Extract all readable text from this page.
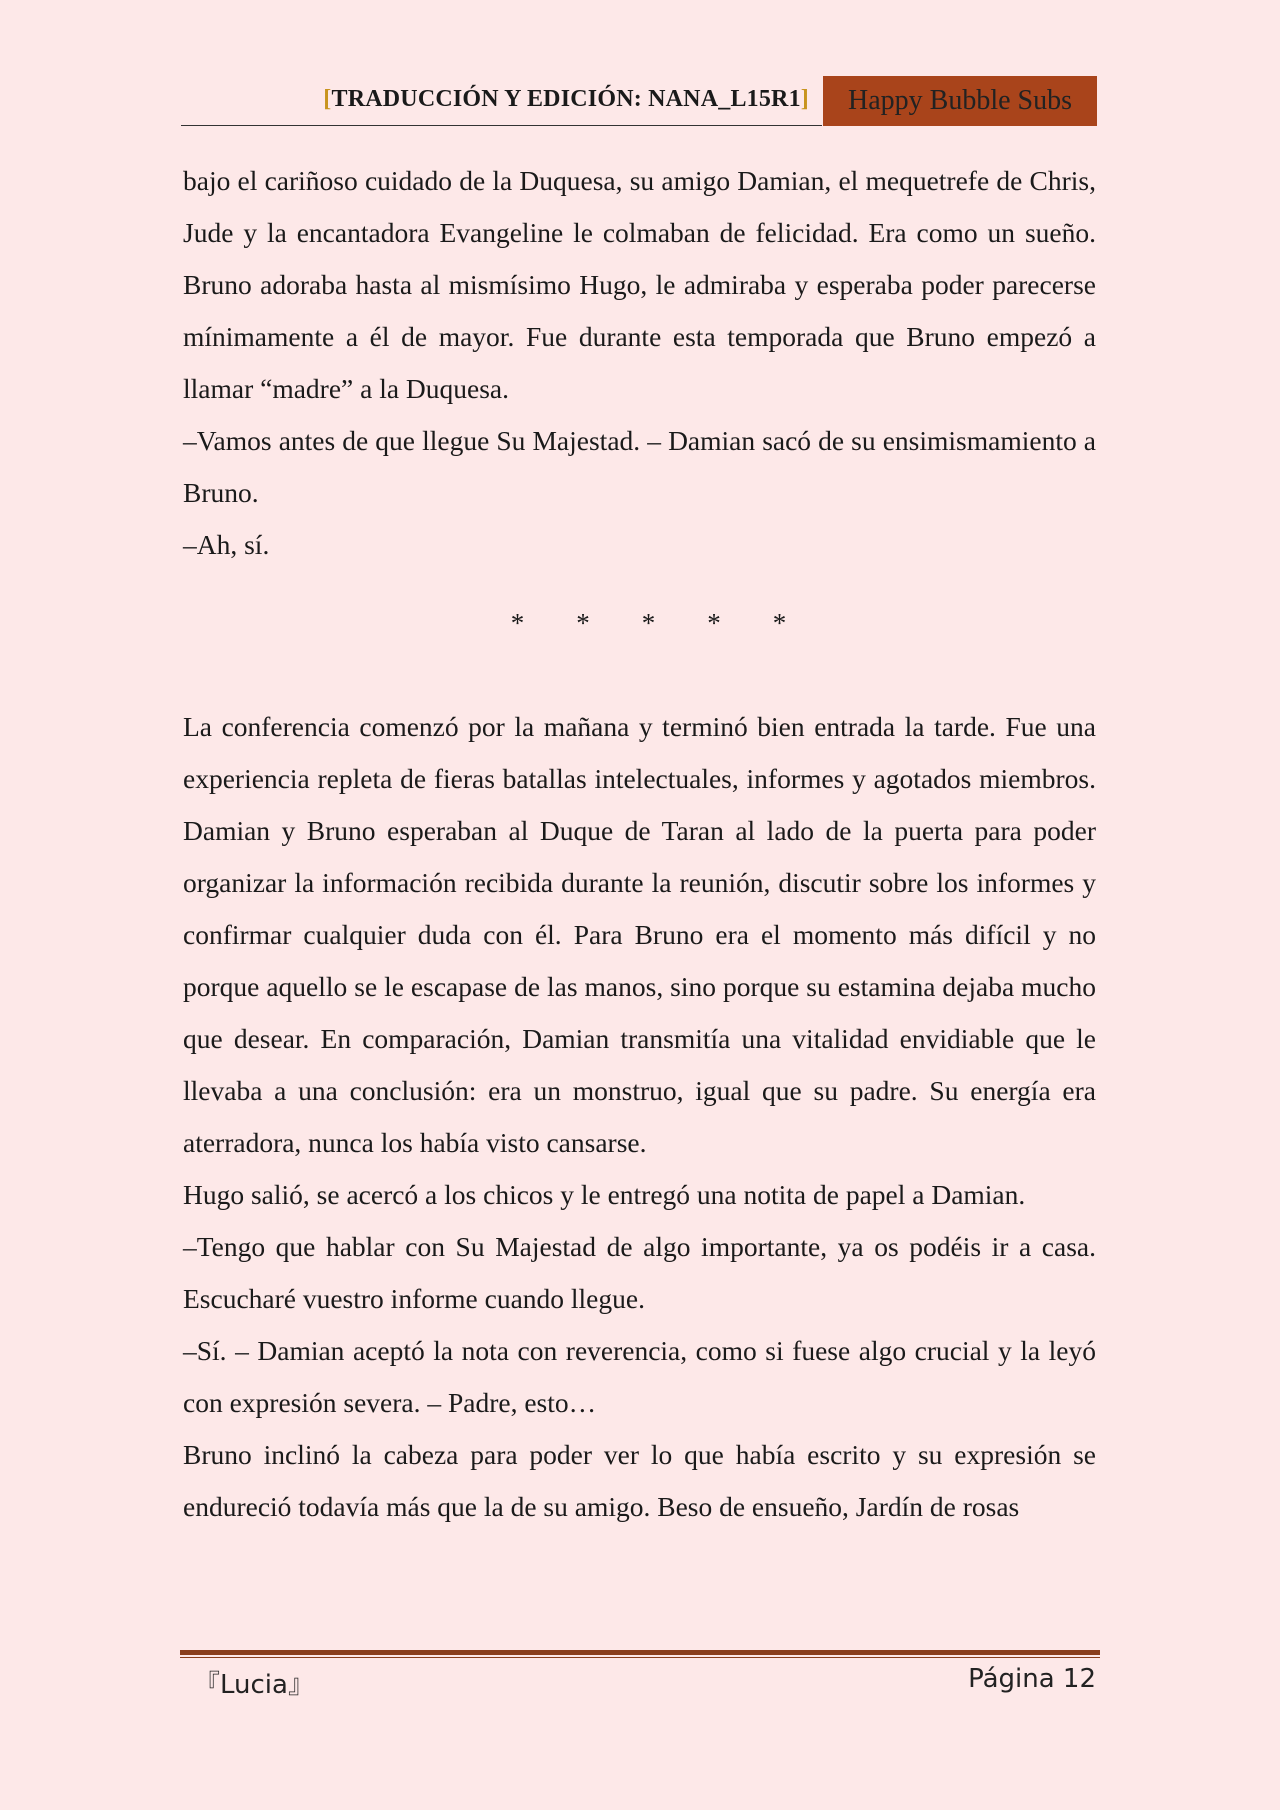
[TRADUCCIÓN Y EDICIÓN: NANA_L15R1]	Happy Bubble Subs

bajo el cariñoso cuidado de la Duquesa, su amigo Damian, el mequetrefe de Chris, Jude y la encantadora Evangeline le colmaban de felicidad. Era como un sueño. Bruno adoraba hasta al mismísimo Hugo, le admiraba y esperaba poder parecerse mínimamente a él de mayor. Fue durante esta temporada que Bruno empezó a llamar “madre” a la Duquesa.

–Vamos antes de que llegue Su Majestad. – Damian sacó de su ensimismamiento a Bruno.

–Ah, sí.

* * * * *

La conferencia comenzó por la mañana y terminó bien entrada la tarde. Fue una experiencia repleta de fieras batallas intelectuales, informes y agotados miembros. Damian y Bruno esperaban al Duque de Taran al lado de la puerta para poder organizar la información recibida durante la reunión, discutir sobre los informes y confirmar cualquier duda con él. Para Bruno era el momento más difícil y no porque aquello se le escapase de las manos, sino porque su estamina dejaba mucho que desear. En comparación, Damian transmitía una vitalidad envidiable que le llevaba a una conclusión: era un monstruo, igual que su padre. Su energía era aterradora, nunca los había visto cansarse.

Hugo salió, se acercó a los chicos y le entregó una notita de papel a Damian.

–Tengo que hablar con Su Majestad de algo importante, ya os podéis ir a casa. Escucharé vuestro informe cuando llegue.

–Sí. – Damian aceptó la nota con reverencia, como si fuese algo crucial y la leyó con expresión severa. – Padre, esto…

Bruno inclinó la cabeza para poder ver lo que había escrito y su expresión se endureció todavía más que la de su amigo. Beso de ensueño, Jardín de rosas

『Lucia』	Página 12
